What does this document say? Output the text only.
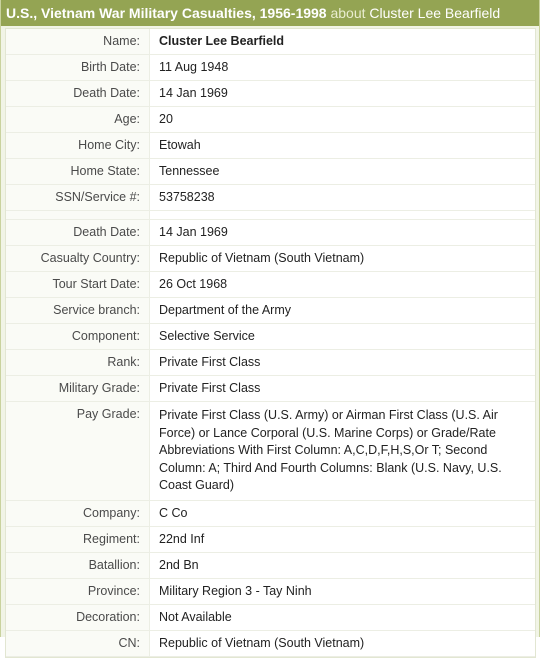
U.S., Vietnam War Military Casualties, 1956-1998 about Cluster Lee Bearfield
Name:	Cluster Lee Bearfield
Birth Date:	11 Aug 1948
Death Date:	14 Jan 1969
Age:	20
Home City:	Etowah
Home State:	Tennessee
SSN/Service #:	53758238

Death Date:	14 Jan 1969
Casualty Country:	Republic of Vietnam (South Vietnam)
Tour Start Date:	26 Oct 1968
Service branch:	Department of the Army
Component:	Selective Service
Rank:	Private First Class
Military Grade:	Private First Class
Pay Grade:	Private First Class (U.S. Army) or Airman First Class (U.S. Air Force) or Lance Corporal (U.S. Marine Corps) or Grade/Rate Abbreviations With First Column: A,C,D,F,H,S,Or T; Second Column: A; Third And Fourth Columns: Blank (U.S. Navy, U.S. Coast Guard)
Company:	C Co
Regiment:	22nd Inf
Batallion:	2nd Bn
Province:	Military Region 3 - Tay Ninh
Decoration:	Not Available
CN:	Republic of Vietnam (South Vietnam)
